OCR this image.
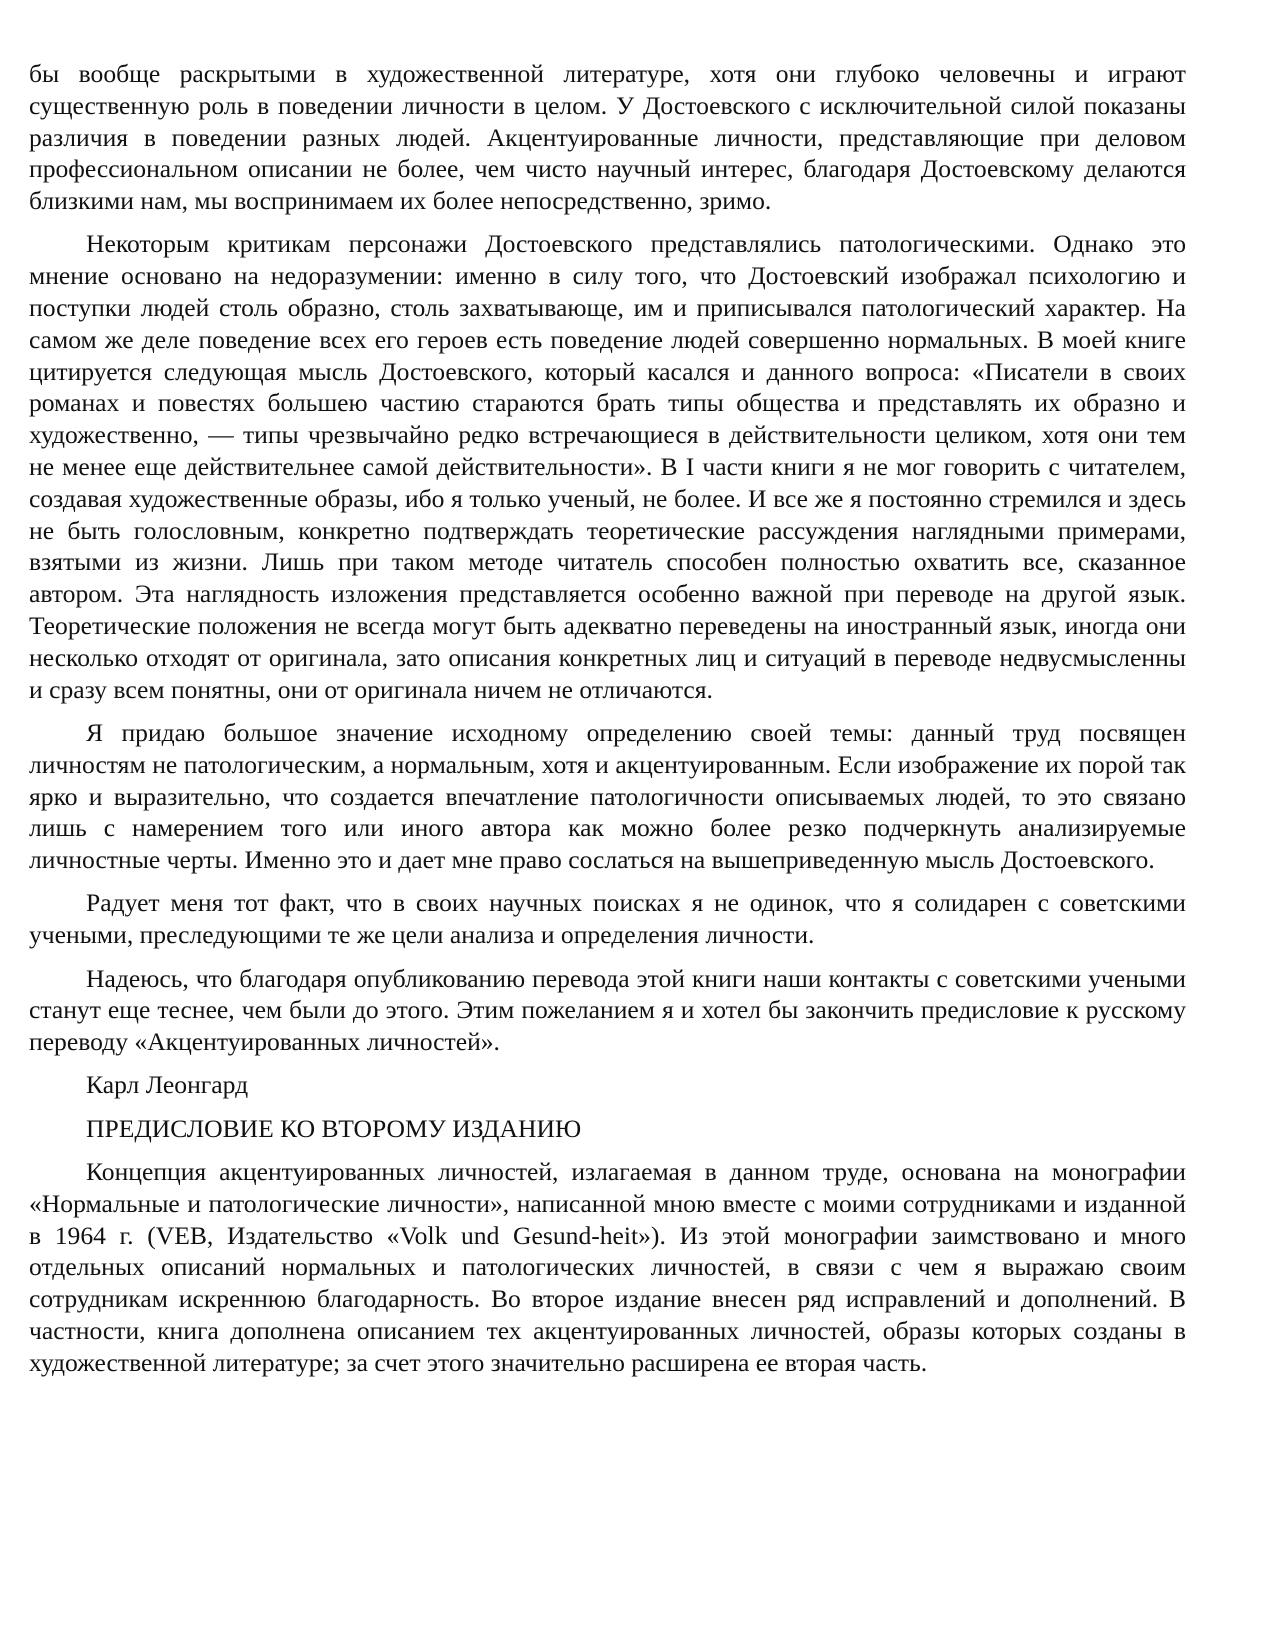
бы вообще раскрытыми в художественной литературе, хотя они глубоко человечны и играют существенную роль в поведении личности в целом. У Достоевского с исключительной силой показаны различия в поведении разных людей. Акцентуированные личности, представляющие при деловом профессиональном описании не более, чем чисто научный интерес, благодаря Достоевскому делаются близкими нам, мы воспринимаем их более непосредственно, зримо.

Некоторым критикам персонажи Достоевского представлялись патологическими. Однако это мнение основано на недоразумении: именно в силу того, что Достоевский изображал психологию и поступки людей столь образно, столь захватывающе, им и приписывался патологический характер. На самом же деле поведение всех его героев есть поведение людей совершенно нормальных. В моей книге цитируется следующая мысль Достоевского, который касался и данного вопроса: «Писатели в своих романах и повестях большею частию стараются брать типы общества и представлять их образно и художественно, — типы чрезвычайно редко встречающиеся в действительности целиком, хотя они тем не менее еще действительнее самой действительности». В I части книги я не мог говорить с читателем, создавая художественные образы, ибо я только ученый, не более. И все же я постоянно стремился и здесь не быть голословным, конкретно подтверждать теоретические рассуждения наглядными примерами, взятыми из жизни. Лишь при таком методе читатель способен полностью охватить все, сказанное автором. Эта наглядность изложения представляется особенно важной при переводе на другой язык. Теоретические положения не всегда могут быть адекватно переведены на иностранный язык, иногда они несколько отходят от оригинала, зато описания конкретных лиц и ситуаций в переводе недвусмысленны и сразу всем понятны, они от оригинала ничем не отличаются.

Я придаю большое значение исходному определению своей темы: данный труд посвящен личностям не патологическим, а нормальным, хотя и акцентуированным. Если изображение их порой так ярко и выразительно, что создается впечатление патологичности описываемых людей, то это связано лишь с намерением того или иного автора как можно более резко подчеркнуть анализируемые личностные черты. Именно это и дает мне право сослаться на вышеприведенную мысль Достоевского.

Радует меня тот факт, что в своих научных поисках я не одинок, что я солидарен с советскими учеными, преследующими те же цели анализа и определения личности.

Надеюсь, что благодаря опубликованию перевода этой книги наши контакты с советскими учеными станут еще теснее, чем были до этого. Этим пожеланием я и хотел бы закончить предисловие к русскому переводу «Акцентуированных личностей».

Карл Леонгард

ПРЕДИСЛОВИЕ КО ВТОРОМУ ИЗДАНИЮ

Концепция акцентуированных личностей, излагаемая в данном труде, основана на монографии «Нормальные и патологические личности», написанной мною вместе с моими сотрудниками и изданной в 1964 г. (VEB, Издательство «Volk und Gesund-heit»). Из этой монографии заимствовано и много отдельных описаний нормальных и патологических личностей, в связи с чем я выражаю своим сотрудникам искреннюю благодарность. Во второе издание внесен ряд исправлений и дополнений. В частности, книга дополнена описанием тех акцентуированных личностей, образы которых созданы в художественной литературе; за счет этого значительно расширена ее вторая часть.
